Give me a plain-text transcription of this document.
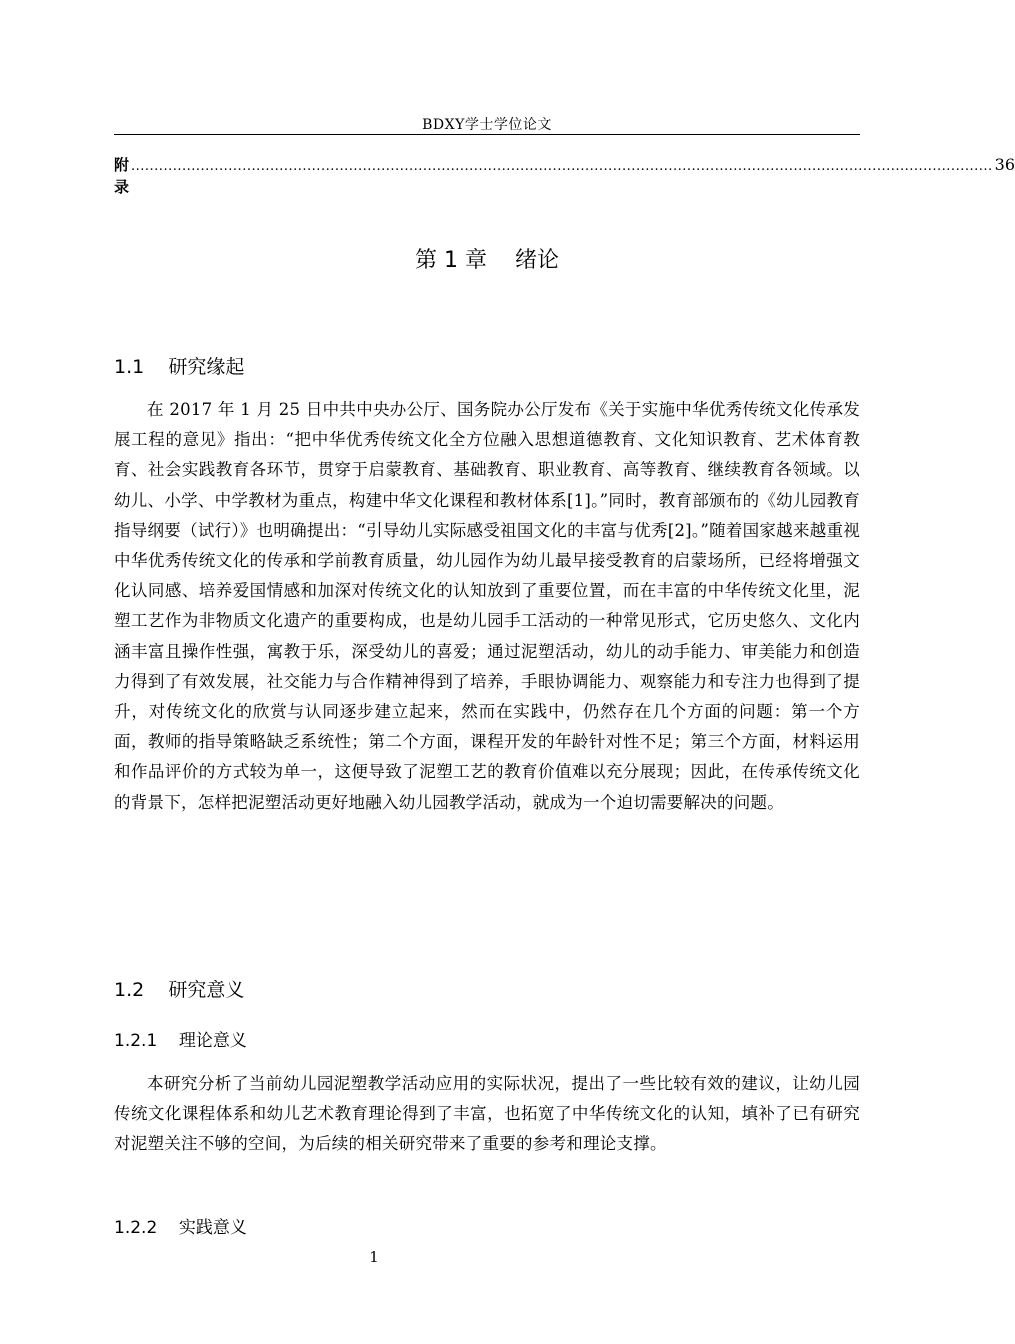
BDXY学士学位论文
附录
.......................................................................................................................................................................................... 36
第 1 章    绪论
1.1    研究缘起

在 2017 年 1 月 25 日中共中央办公厅、国务院办公厅发布《关于实施中华优秀传统文化传承发展工程的意见》指出：“把中华优秀传统文化全方位融入思想道德教育、文化知识教育、艺术体育教育、社会实践教育各环节，贯穿于启蒙教育、基础教育、职业教育、高等教育、继续教育各领域。以幼儿、小学、中学教材为重点，构建中华文化课程和教材体系[1]。”同时，教育部颁布的《幼儿园教育指导纲要（试行）》也明确提出：“引导幼儿实际感受祖国文化的丰富与优秀[2]。”随着国家越来越重视中华优秀传统文化的传承和学前教育质量，幼儿园作为幼儿最早接受教育的启蒙场所，已经将增强文化认同感、培养爱国情感和加深对传统文化的认知放到了重要位置，而在丰富的中华传统文化里，泥塑工艺作为非物质文化遗产的重要构成，也是幼儿园手工活动的一种常见形式，它历史悠久、文化内涵丰富且操作性强，寓教于乐，深受幼儿的喜爱；通过泥塑活动，幼儿的动手能力、审美能力和创造力得到了有效发展，社交能力与合作精神得到了培养，手眼协调能力、观察能力和专注力也得到了提升，对传统文化的欣赏与认同逐步建立起来，然而在实践中，仍然存在几个方面的问题：第一个方面，教师的指导策略缺乏系统性；第二个方面，课程开发的年龄针对性不足；第三个方面，材料运用和作品评价的方式较为单一，这便导致了泥塑工艺的教育价值难以充分展现；因此，在传承传统文化的背景下，怎样把泥塑活动更好地融入幼儿园教学活动，就成为一个迫切需要解决的问题。

1.2    研究意义
1.2.1    理论意义

本研究分析了当前幼儿园泥塑教学活动应用的实际状况，提出了一些比较有效的建议，让幼儿园传统文化课程体系和幼儿艺术教育理论得到了丰富，也拓宽了中华传统文化的认知，填补了已有研究对泥塑关注不够的空间，为后续的相关研究带来了重要的参考和理论支撑。

1.2.2    实践意义
1
